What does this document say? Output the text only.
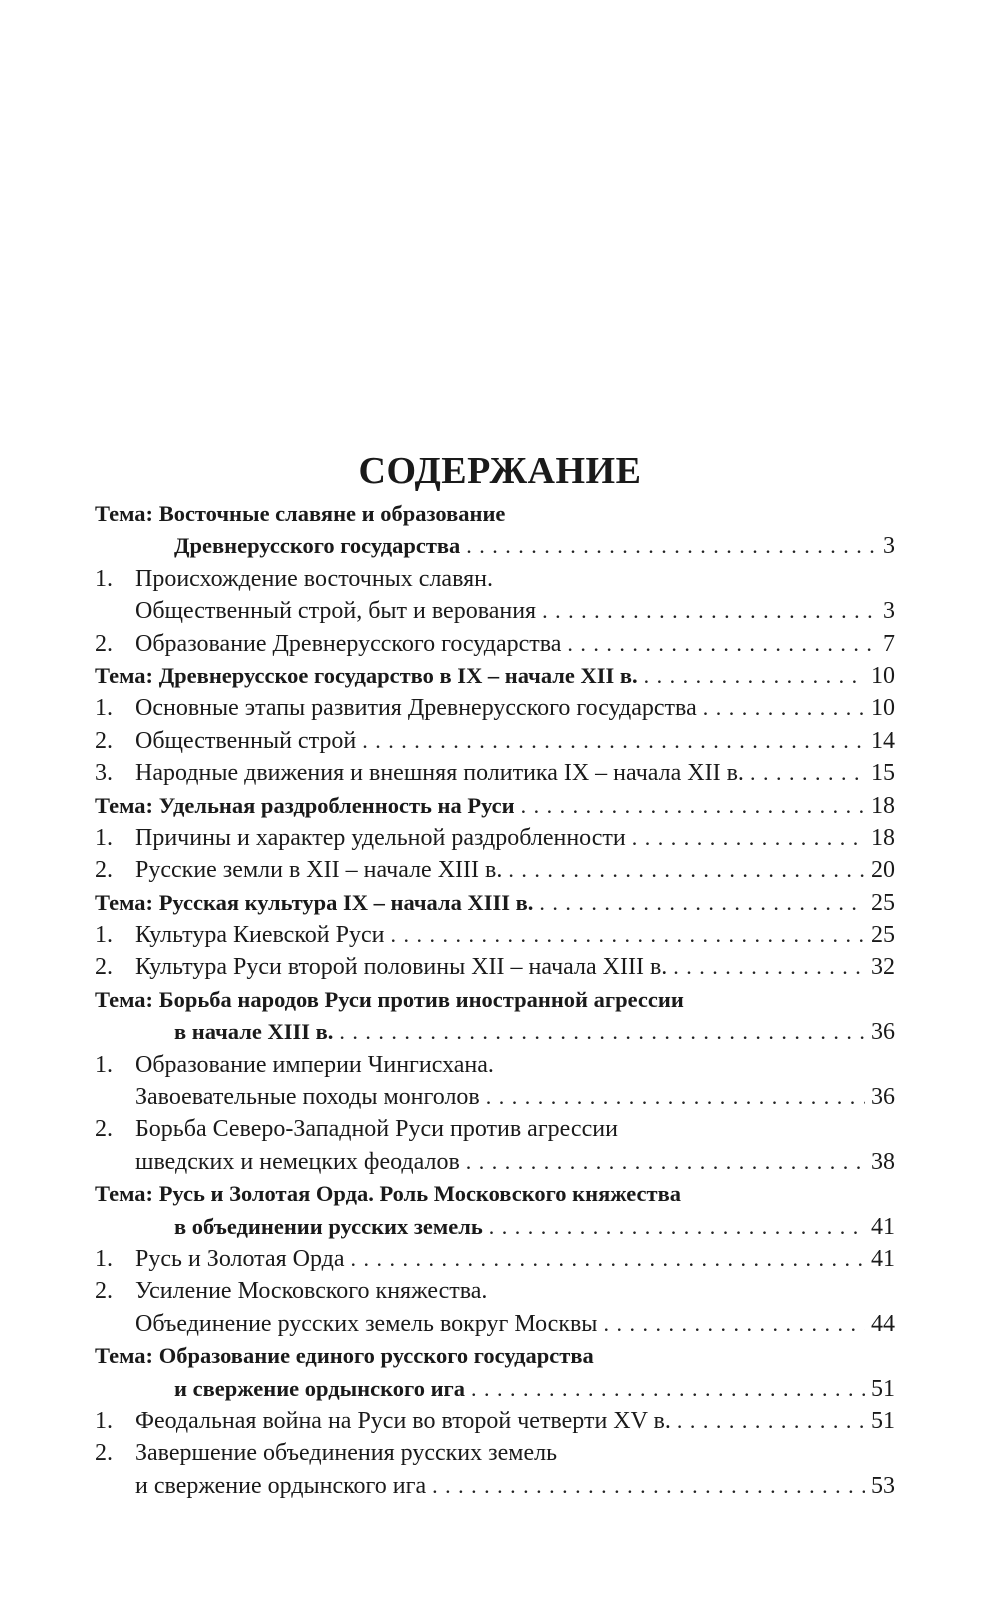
СОДЕРЖАНИЕ
Тема: Восточные славяне и образование
Древнерусского государства . . .	3
1. Происхождение восточных славян.
Общественный строй, быт и верования . . .	3
2. Образование Древнерусского государства . . .	7
Тема: Древнерусское государство в IX – начале XII в. . . .	10
1. Основные этапы развития Древнерусского государства . . .	10
2. Общественный строй . . .	14
3. Народные движения и внешняя политика IX – начала XII в. . . .	15
Тема: Удельная раздробленность на Руси . . .	18
1. Причины и характер удельной раздробленности . . .	18
2. Русские земли в XII – начале XIII в. . . .	20
Тема: Русская культура IX – начала XIII в. . . .	25
1. Культура Киевской Руси . . .	25
2. Культура Руси второй половины XII – начала XIII в. . . .	32
Тема: Борьба народов Руси против иностранной агрессии
в начале XIII в. . . .	36
1. Образование империи Чингисхана.
Завоевательные походы монголов . . .	36
2. Борьба Северо-Западной Руси против агрессии
шведских и немецких феодалов . . .	38
Тема: Русь и Золотая Орда. Роль Московского княжества
в объединении русских земель . . .	41
1. Русь и Золотая Орда . . .	41
2. Усиление Московского княжества.
Объединение русских земель вокруг Москвы . . .	44
Тема: Образование единого русского государства
и свержение ордынского ига . . .	51
1. Феодальная война на Руси во второй четверти XV в. . . .	51
2. Завершение объединения русских земель
и свержение ордынского ига . . .	53
